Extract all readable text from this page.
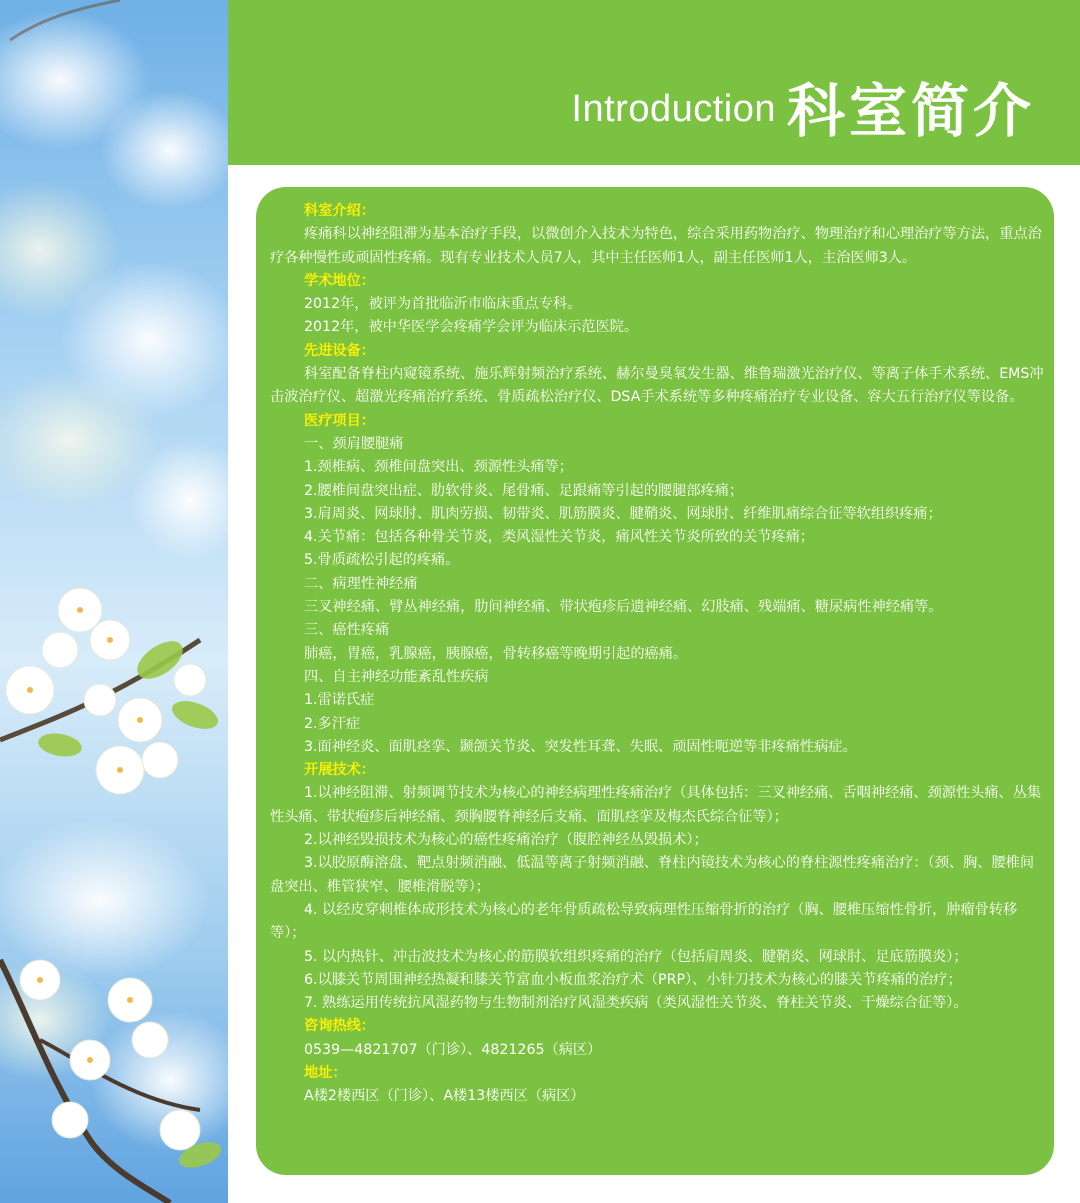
Introduction 科室简介

科室介绍：

疼痛科以神经阻滞为基本治疗手段，以微创介入技术为特色，综合采用药物治疗、物理治疗和心理治疗等方法，重点治疗各种慢性或顽固性疼痛。现有专业技术人员7人，其中主任医师1人，副主任医师1人，主治医师3人。

学术地位：

2012年，被评为首批临沂市临床重点专科。

2012年，被中华医学会疼痛学会评为临床示范医院。

先进设备：

科室配备脊柱内窥镜系统、施乐辉射频治疗系统、赫尔曼臭氧发生器、维鲁瑞激光治疗仪、等离子体手术系统、EMS冲击波治疗仪、超激光疼痛治疗系统、骨质疏松治疗仪、DSA手术系统等多种疼痛治疗专业设备、容大五行治疗仪等设备。

医疗项目：

一、颈肩腰腿痛

1.颈椎病、颈椎间盘突出、颈源性头痛等；

2.腰椎间盘突出症、肋软骨炎、尾骨痛、足跟痛等引起的腰腿部疼痛；

3.肩周炎、网球肘、肌肉劳损、韧带炎、肌筋膜炎、腱鞘炎、网球肘、纤维肌痛综合征等软组织疼痛；

4.关节痛：包括各种骨关节炎，类风湿性关节炎，痛风性关节炎所致的关节疼痛；

5.骨质疏松引起的疼痛。

二、病理性神经痛

三叉神经痛、臂丛神经痛，肋间神经痛、带状疱疹后遗神经痛、幻肢痛、残端痛、糖尿病性神经痛等。

三、癌性疼痛

肺癌，胃癌，乳腺癌，胰腺癌，骨转移癌等晚期引起的癌痛。

四、自主神经功能紊乱性疾病

1.雷诺氏症

2.多汗症

3.面神经炎、面肌痉挛、颞颌关节炎、突发性耳聋、失眠、顽固性呃逆等非疼痛性病症。

开展技术：

1.以神经阻滞、射频调节技术为核心的神经病理性疼痛治疗（具体包括：三叉神经痛、舌咽神经痛、颈源性头痛、丛集性头痛、带状疱疹后神经痛、颈胸腰脊神经后支痛、面肌痉挛及梅杰氏综合征等）；

2.以神经毁损技术为核心的癌性疼痛治疗（腹腔神经丛毁损术）；

3.以胶原酶溶盘、靶点射频消融、低温等离子射频消融、脊柱内镜技术为核心的脊柱源性疼痛治疗：（颈、胸、腰椎间盘突出、椎管狭窄、腰椎滑脱等）；

4. 以经皮穿刺椎体成形技术为核心的老年骨质疏松导致病理性压缩骨折的治疗（胸、腰椎压缩性骨折，肿瘤骨转移等）；

5. 以内热针、冲击波技术为核心的筋膜软组织疼痛的治疗（包括肩周炎、腱鞘炎、网球肘、足底筋膜炎）；

6.以膝关节周围神经热凝和膝关节富血小板血浆治疗术（PRP）、小针刀技术为核心的膝关节疼痛的治疗；

7. 熟练运用传统抗风湿药物与生物制剂治疗风湿类疾病（类风湿性关节炎、脊柱关节炎、干燥综合征等）。

咨询热线：

0539—4821707（门诊）、4821265（病区）

地址：

A楼2楼西区（门诊）、A楼13楼西区（病区）
